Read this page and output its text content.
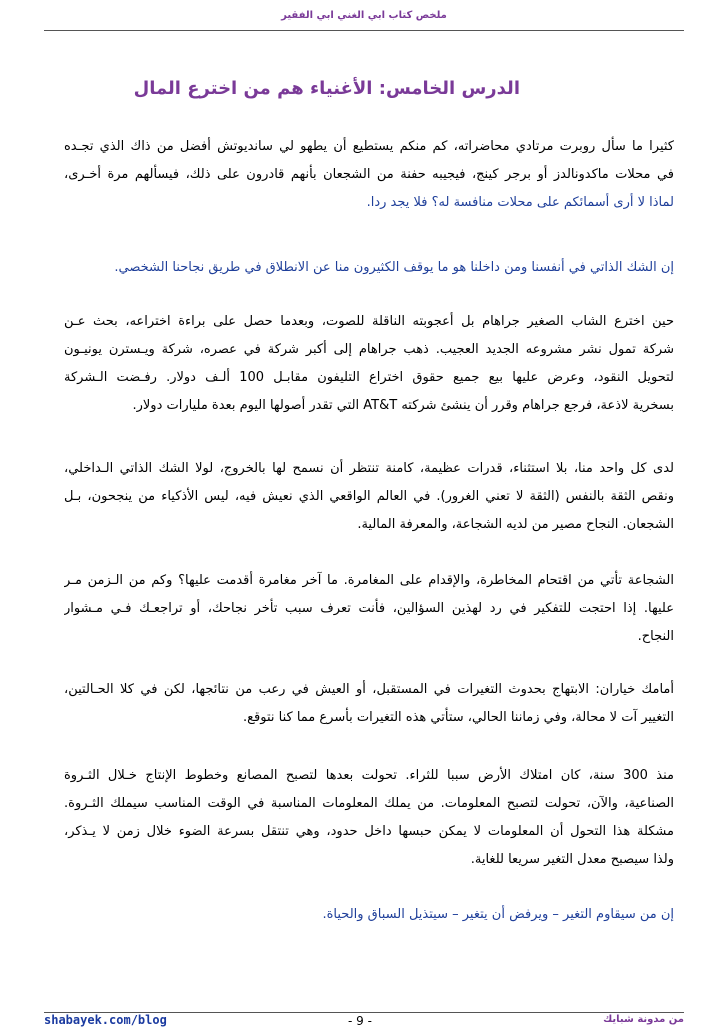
ملخص كتاب ابي الغني ابي الفقير
الدرس الخامس: الأغنياء هم من اخترع المال
كثيرا ما سأل روبرت مرتادي محاضراته، كم منكم يستطيع أن يطهو لي سانديوتش أفضل من ذاك الذي تجـده
في محلات ماكدونالدز أو برجر كينج، فيجيبه حفنة من الشجعان بأنهم قادرون على ذلك، فيسألهم مرة أخـرى،
لماذا لا أرى أسمائكم على محلات منافسة له؟ فلا يجد ردا.
إن الشك الذاتي في أنفسنا ومن داخلنا هو ما يوقف الكثيرون منا عن الانطلاق في طريق نجاحنا الشخصي.
حين اخترع الشاب الصغير جراهام بل أعجوبته الناقلة للصوت، وبعدما حصل على براءة اختراعه، بحث عـن
شركة تمول نشر مشروعه الجديد العجيب. ذهب جراهام إلى أكبر شركة في عصره، شركة ويـسترن يونيـون
لتحويل النقود، وعرض عليها بيع جميع حقوق اختراع التليفون مقابـل 100 ألـف دولار. رفـضت الـشركة
بسخرية لاذعة، فرجع جراهام وقرر أن ينشئ شركته AT&T التي تقدر أصولها اليوم بعدة مليارات دولار.
لدى كل واحد منا، بلا استثناء، قدرات عظيمة، كامنة تنتظر أن نسمح لها بالخروج، لولا الشك الذاتي الـداخلي،
ونقص الثقة بالنفس (الثقة لا تعني الغرور). في العالم الواقعي الذي نعيش فيه، ليس الأذكياء من ينجحون، بـل
الشجعان. النجاح مصير من لديه الشجاعة، والمعرفة المالية.
الشجاعة تأتي من اقتحام المخاطرة، والإقدام على المغامرة. ما آخر مغامرة أقدمت عليها؟ وكم من الـزمن مـر
عليها. إذا احتجت للتفكير في رد لهذين السؤالين، فأنت تعرف سبب تأخر نجاحك، أو تراجعـك فـي مـشوار
النجاح.
أمامك خياران: الابتهاج بحدوث التغيرات في المستقبل، أو العيش في رعب من نتائجها، لكن في كلا الحـالتين،
التغيير آت لا محالة، وفي زماننا الحالي، ستأتي هذه التغيرات بأسرع مما كنا نتوقع.
منذ 300 سنة، كان امتلاك الأرض سببا للثراء. تحولت بعدها لتصبح المصانع وخطوط الإنتاج خـلال الثـروة
الصناعية، والآن، تحولت لتصبح المعلومات. من يملك المعلومات المناسبة في الوقت المناسب سيملك الثـروة.
مشكلة هذا التحول أن المعلومات لا يمكن حبسها داخل حدود، وهي تنتقل بسرعة الضوء خلال زمن لا يـذكر،
ولذا سيصبح معدل التغير سريعا للغاية.
إن من سيقاوم التغير – ويرفض أن يتغير – سيتذيل السباق والحياة.
shabayek.com/blog	- 9 -	من مدونة شبايك
